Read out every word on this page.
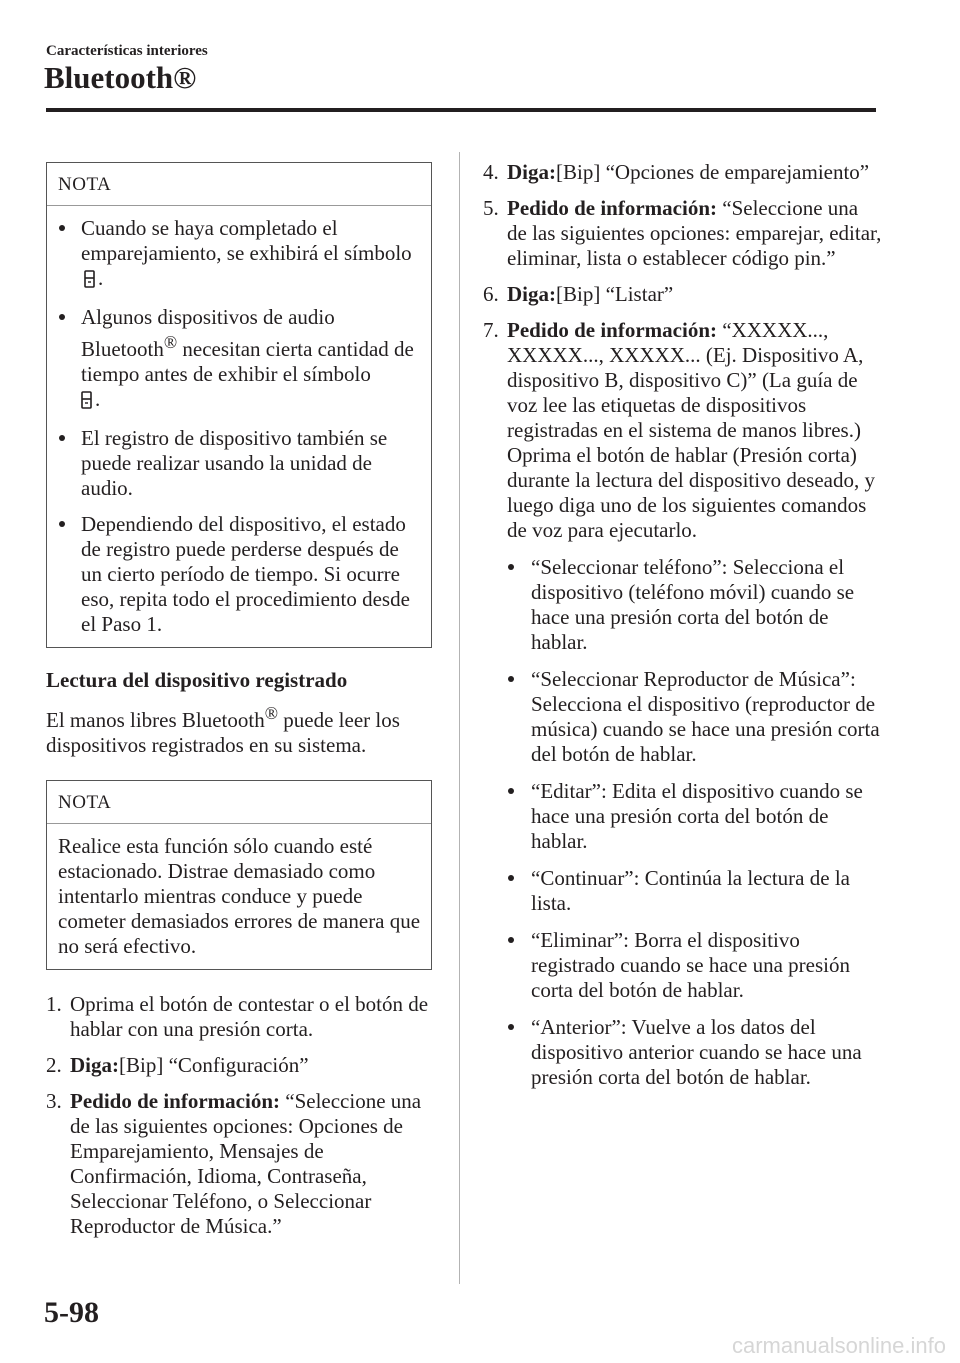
Características interiores
Bluetooth®
NOTA
Cuando se haya completado el emparejamiento, se exhibirá el símbolo .
Algunos dispositivos de audio Bluetooth® necesitan cierta cantidad de tiempo antes de exhibir el símbolo
.
El registro de dispositivo también se puede realizar usando la unidad de audio.
Dependiendo del dispositivo, el estado de registro puede perderse después de un cierto período de tiempo. Si ocurre eso, repita todo el procedimiento desde el Paso 1.
Lectura del dispositivo registrado

El manos libres Bluetooth® puede leer los dispositivos registrados en su sistema.

NOTA

Realice esta función sólo cuando esté estacionado. Distrae demasiado como intentarlo mientras conduce y puede cometer demasiados errores de manera que no será efectivo.

1. Oprima el botón de contestar o el botón de hablar con una presión corta.
2. Diga:[Bip] “Configuración”
3. Pedido de información: “Seleccione una de las siguientes opciones: Opciones de Emparejamiento, Mensajes de Confirmación, Idioma, Contraseña, Seleccionar Teléfono, o Seleccionar Reproductor de Música.”
4. Diga:[Bip] “Opciones de emparejamiento”
5. Pedido de información: “Seleccione una de las siguientes opciones: emparejar, editar, eliminar, lista o establecer código pin.”
6. Diga:[Bip] “Listar”
7. Pedido de información: “XXXXX..., XXXXX..., XXXXX... (Ej. Dispositivo A, dispositivo B, dispositivo C)” (La guía de voz lee las etiquetas de dispositivos registradas en el sistema de manos libres.)
Oprima el botón de hablar (Presión corta) durante la lectura del dispositivo deseado, y luego diga uno de los siguientes comandos de voz para ejecutarlo.
“Seleccionar teléfono”: Selecciona el dispositivo (teléfono móvil) cuando se hace una presión corta del botón de hablar.
“Seleccionar Reproductor de Música”: Selecciona el dispositivo (reproductor de música) cuando se hace una presión corta del botón de hablar.
“Editar”: Edita el dispositivo cuando se hace una presión corta del botón de hablar.
“Continuar”: Continúa la lectura de la lista.
“Eliminar”: Borra el dispositivo registrado cuando se hace una presión corta del botón de hablar.
“Anterior”: Vuelve a los datos del dispositivo anterior cuando se hace una presión corta del botón de hablar.
5-98
carmanualsonline.info
